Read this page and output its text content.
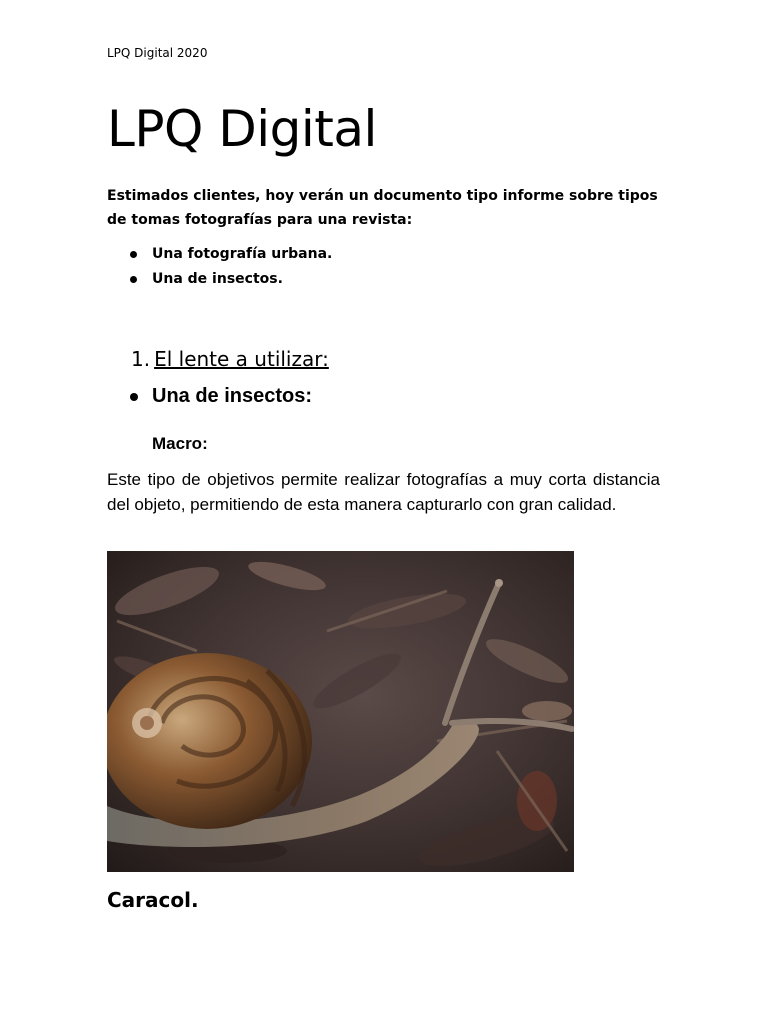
LPQ Digital 2020
LPQ Digital

Estimados clientes, hoy verán un documento tipo informe sobre tipos de tomas fotografías para una revista:

Una fotografía urbana.
Una de insectos.
1. El lente a utilizar:
Una de insectos:
Macro:

Este tipo de objetivos permite realizar fotografías a muy corta distancia del objeto, permitiendo de esta manera capturarlo con gran calidad.

Caracol.
